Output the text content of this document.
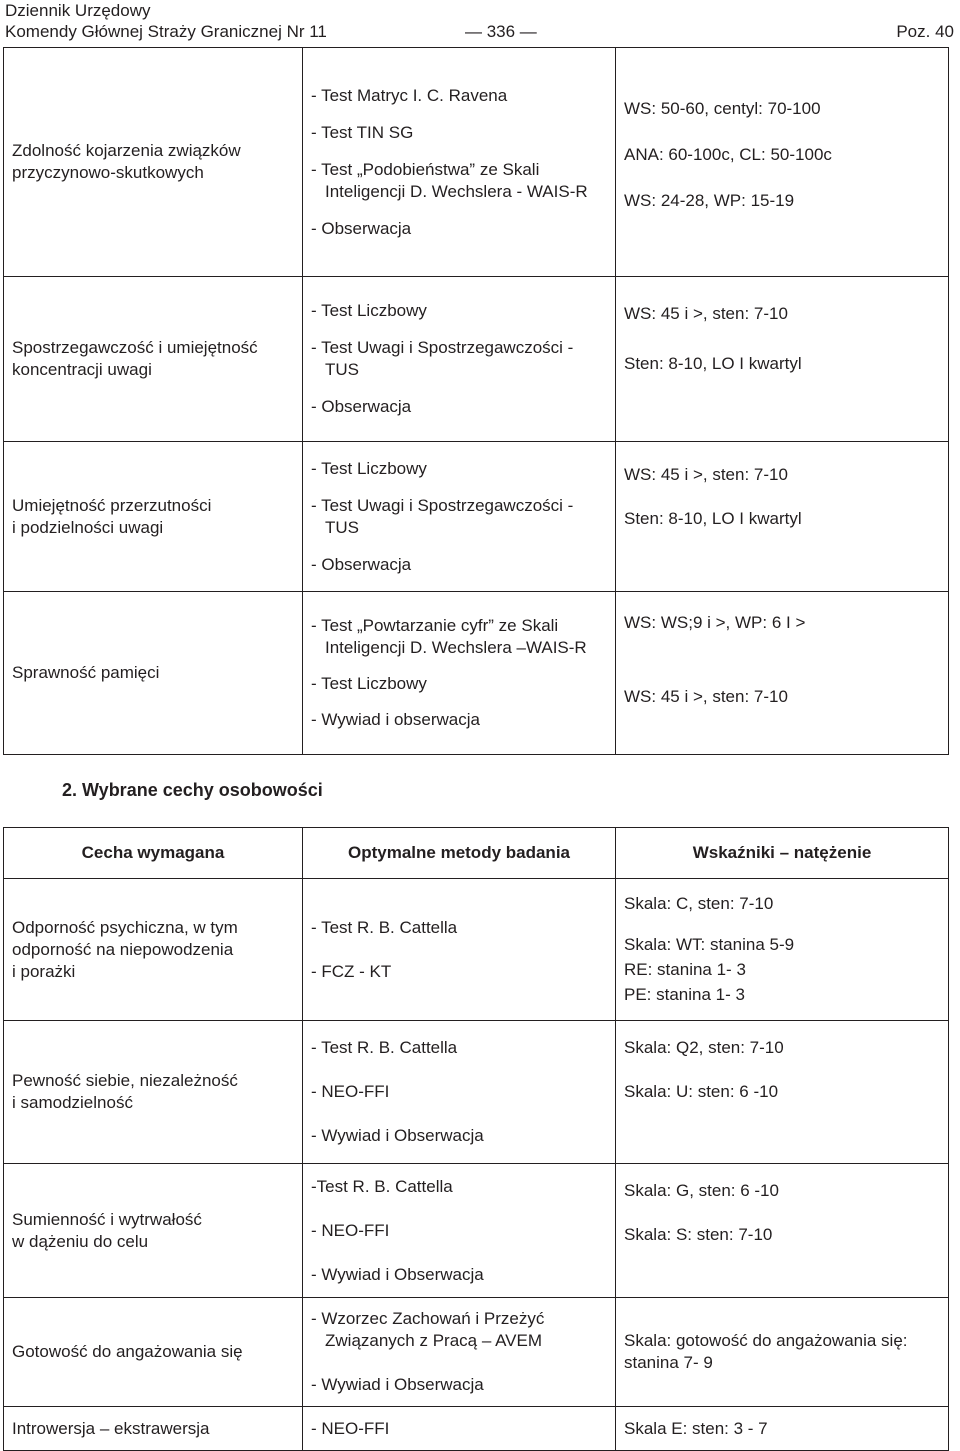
Dziennik Urzędowy
Komendy Głównej Straży Granicznej Nr 11	— 336 —	Poz. 40
Zdolność kojarzenia związków
przyczynowo-skutkowych	- Test Matryc I. C. Ravena
- Test TIN SG
- Test „Podobieństwa” ze Skali Inteligencji D. Wechslera - WAIS-R
- Obserwacja	WS: 50-60, centyl: 70-100
ANA: 60-100c, CL: 50-100c
WS: 24-28, WP: 15-19

Spostrzegawczość i umiejętność
koncentracji uwagi	- Test Liczbowy
- Test Uwagi i Spostrzegawczości - TUS
- Obserwacja	WS: 45 i >, sten: 7-10
Sten: 8-10, LO I kwartyl

Umiejętność przerzutności
i podzielności uwagi	- Test Liczbowy
- Test Uwagi i Spostrzegawczości - TUS
- Obserwacja	WS: 45 i >, sten: 7-10
Sten: 8-10, LO I kwartyl

Sprawność pamięci	- Test „Powtarzanie cyfr” ze Skali Inteligencji D. Wechslera –WAIS-R
- Test Liczbowy
- Wywiad i obserwacja	WS: WS;9 i >, WP: 6 I >
WS: 45 i >, sten: 7-10
2. Wybrane cechy osobowości
Cecha wymagana	Optymalne metody badania	Wskaźniki – natężenie

Odporność psychiczna, w tym
odporność na niepowodzenia
i porażki	- Test R. B. Cattella
- FCZ - KT	Skala: C, sten: 7-10
Skala: WT: stanina 5-9
RE: stanina 1- 3
PE: stanina 1- 3

Pewność siebie, niezależność
i samodzielność	- Test R. B. Cattella
- NEO-FFI
- Wywiad i Obserwacja	Skala: Q2, sten: 7-10
Skala: U: sten: 6 -10

Sumienność i wytrwałość
w dążeniu do celu	-Test R. B. Cattella
- NEO-FFI
- Wywiad i Obserwacja	Skala: G, sten: 6 -10
Skala: S: sten: 7-10

Gotowość do angażowania się	- Wzorzec Zachowań i Przeżyć Związanych z Pracą – AVEM
- Wywiad i Obserwacja	Skala: gotowość do angażowania się:
stanina 7- 9

Introwersja – ekstrawersja	- NEO-FFI	Skala E: sten: 3 - 7
